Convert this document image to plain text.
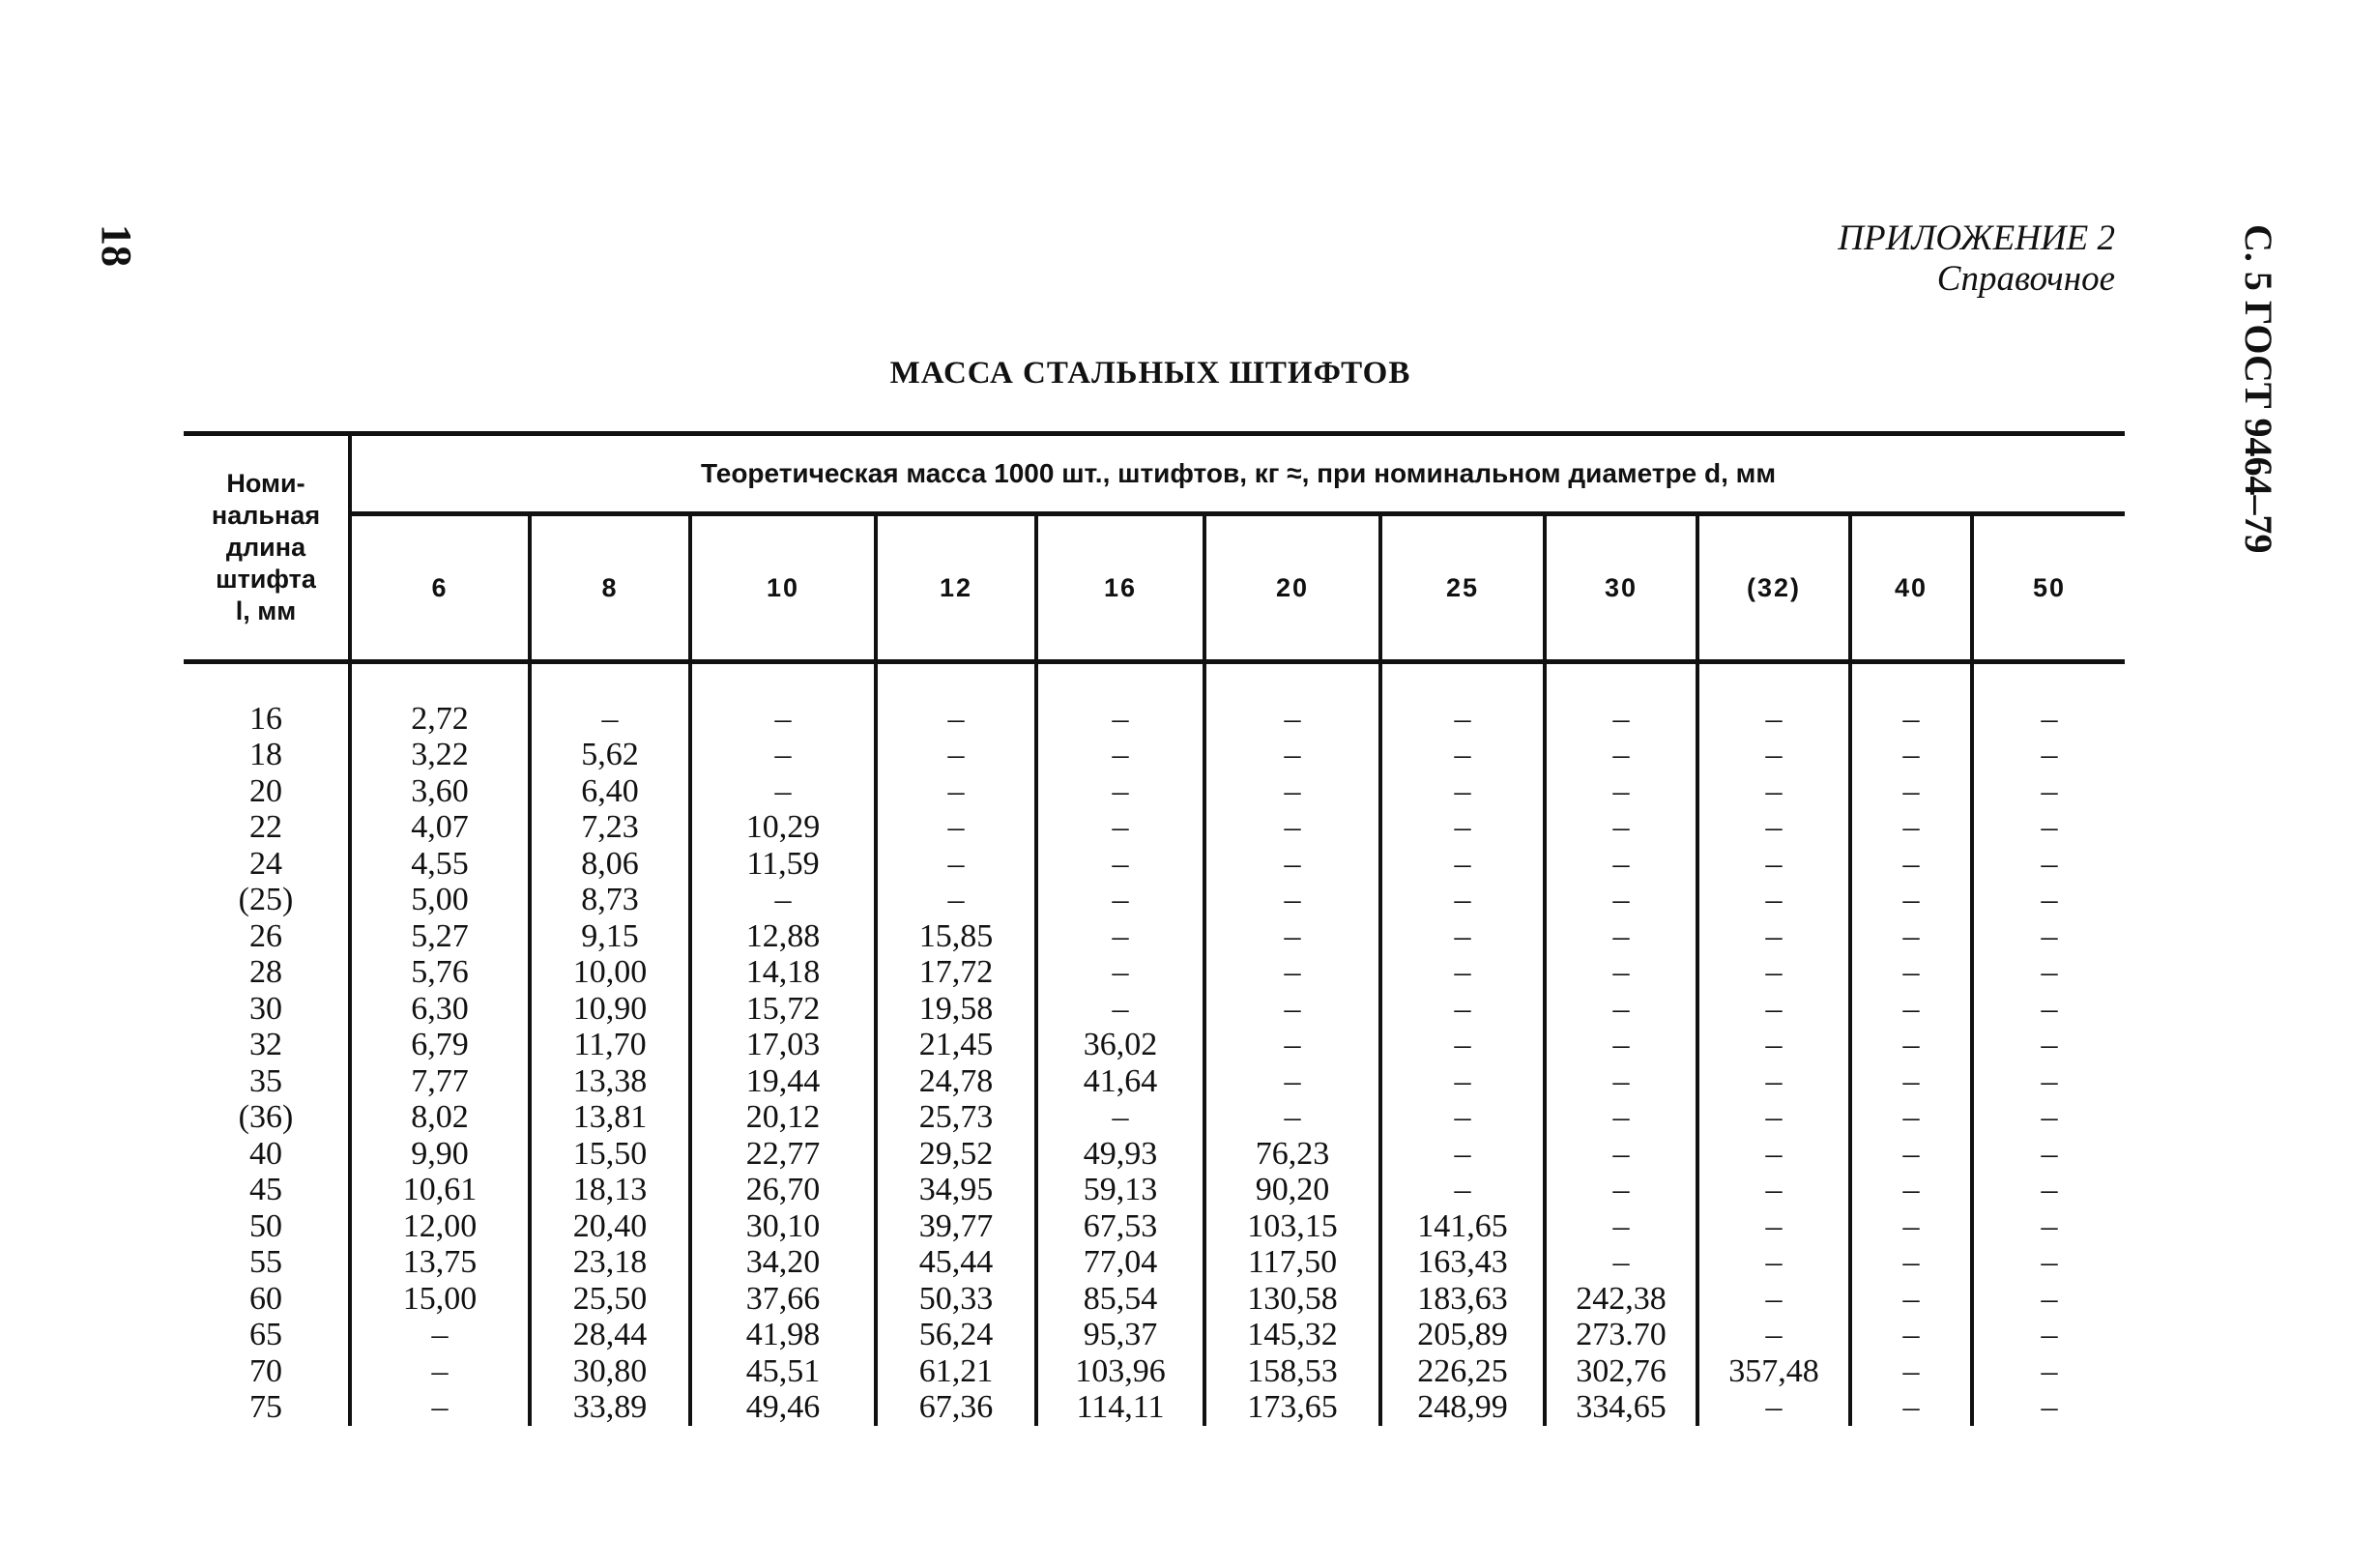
18	С. 5 ГОСТ 9464–79
ПРИЛОЖЕНИЕ 2
Справочное
МАССА СТАЛЬНЫХ ШТИФТОВ
Номи-
нальная
длина
штифта
l, мм	Теоретическая масса 1000 шт., штифтов, кг ≈, при номинальном диаметре d, мм										
	6	8	10	12	16	20	25	30	(32)	40	50

16	2,72	–	–	–	–	–	–	–	–	–	–
18	3,22	5,62	–	–	–	–	–	–	–	–	–
20	3,60	6,40	–	–	–	–	–	–	–	–	–
22	4,07	7,23	10,29	–	–	–	–	–	–	–	–
24	4,55	8,06	11,59	–	–	–	–	–	–	–	–
(25)	5,00	8,73	–	–	–	–	–	–	–	–	–
26	5,27	9,15	12,88	15,85	–	–	–	–	–	–	–
28	5,76	10,00	14,18	17,72	–	–	–	–	–	–	–
30	6,30	10,90	15,72	19,58	–	–	–	–	–	–	–
32	6,79	11,70	17,03	21,45	36,02	–	–	–	–	–	–
35	7,77	13,38	19,44	24,78	41,64	–	–	–	–	–	–
(36)	8,02	13,81	20,12	25,73	–	–	–	–	–	–	–
40	9,90	15,50	22,77	29,52	49,93	76,23	–	–	–	–	–
45	10,61	18,13	26,70	34,95	59,13	90,20	–	–	–	–	–
50	12,00	20,40	30,10	39,77	67,53	103,15	141,65	–	–	–	–
55	13,75	23,18	34,20	45,44	77,04	117,50	163,43	–	–	–	–
60	15,00	25,50	37,66	50,33	85,54	130,58	183,63	242,38	–	–	–
65	–	28,44	41,98	56,24	95,37	145,32	205,89	273.70	–	–	–
70	–	30,80	45,51	61,21	103,96	158,53	226,25	302,76	357,48	–	–
75	–	33,89	49,46	67,36	114,11	173,65	248,99	334,65	–	–	–
